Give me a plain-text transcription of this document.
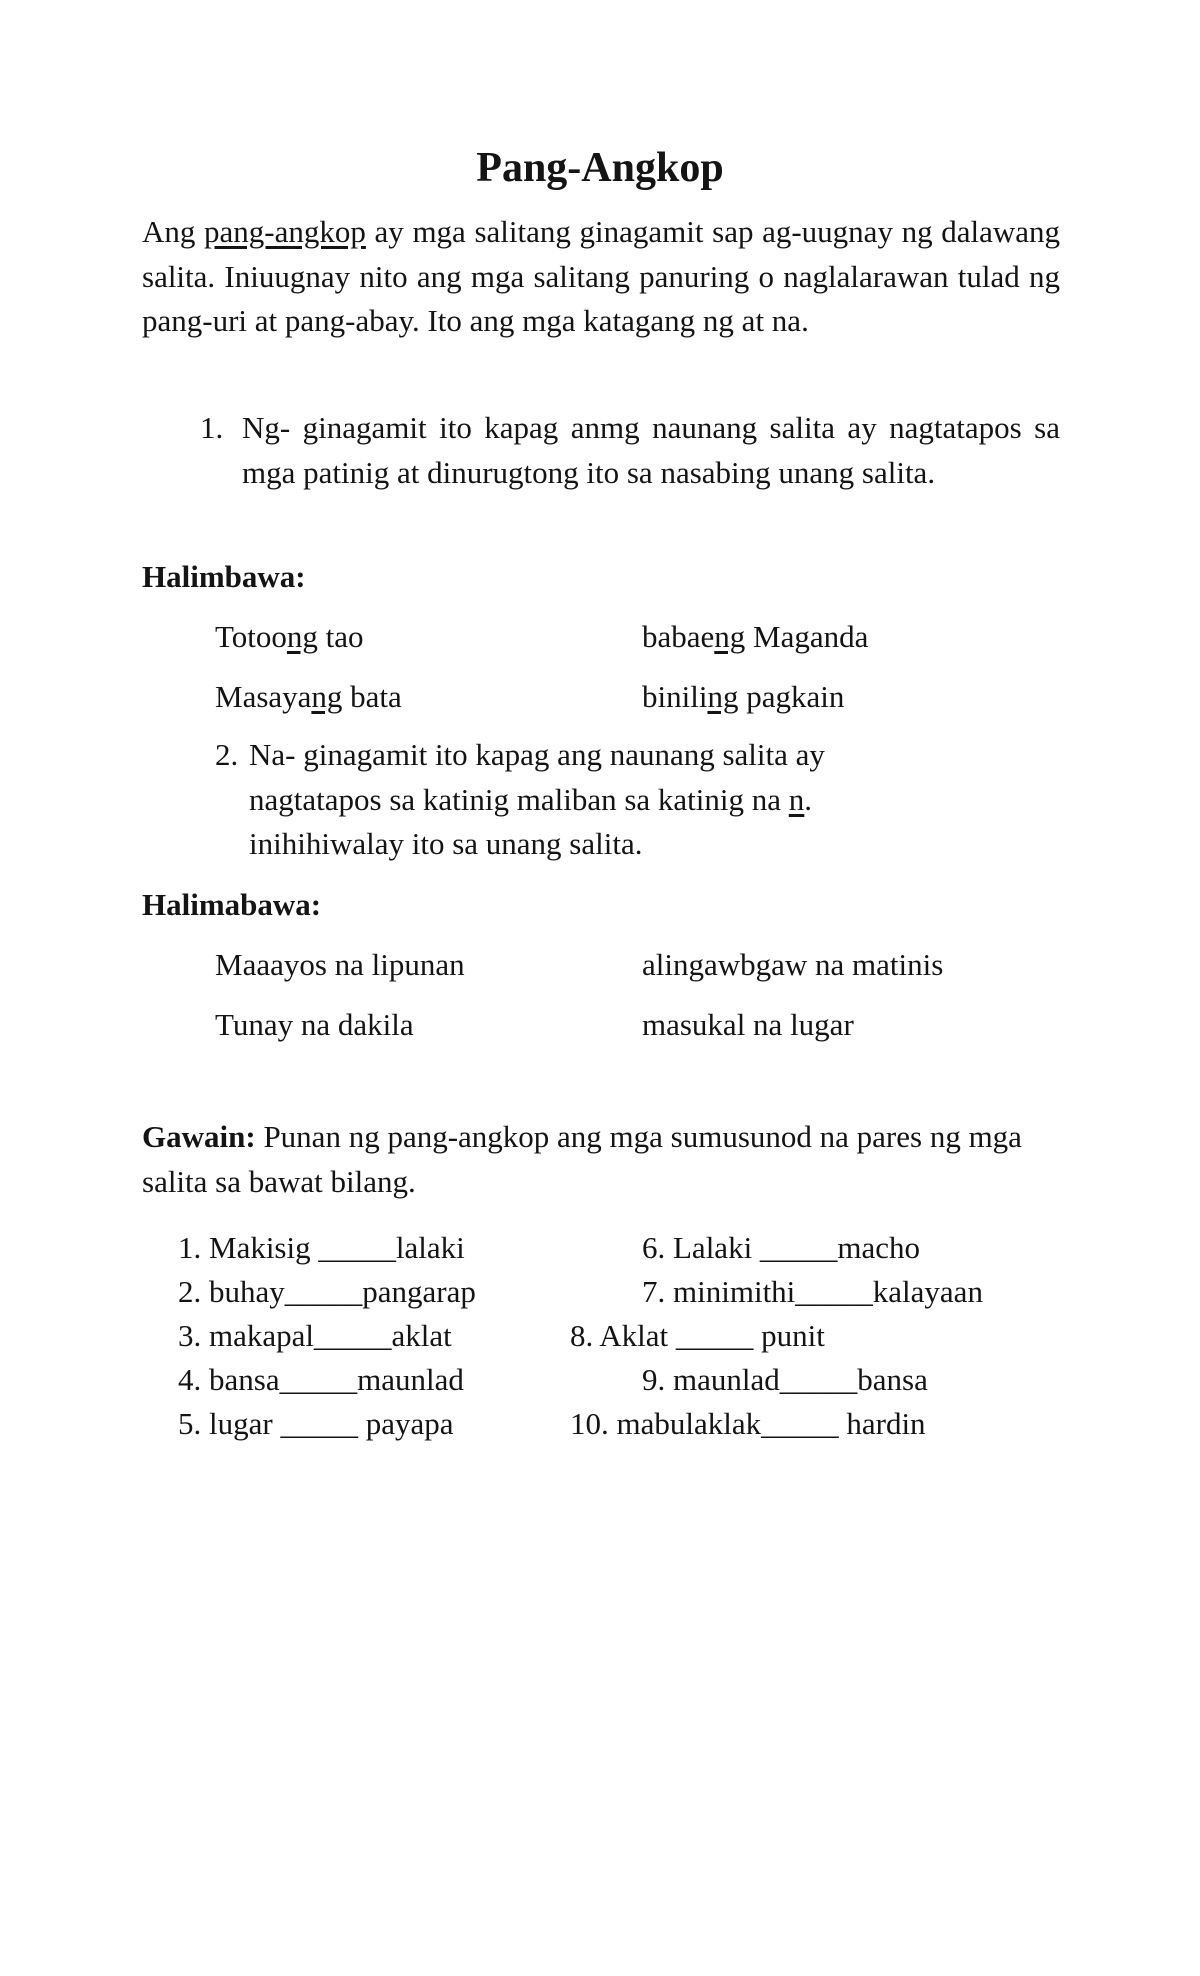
Pang-Angkop

Ang pang-angkop ay mga salitang ginagamit sap ag-uugnay ng dalawang salita. Iniuugnay nito ang mga salitang panuring o naglalarawan tulad ng pang-uri at pang-abay. Ito ang mga katagang ng at na.

1. Ng- ginagamit ito kapag anmg naunang salita ay nagtatapos sa mga patinig at dinurugtong ito sa nasabing unang salita.

Halimbawa:

Totoong tao	babaeng Maganda

Masayang bata	biniling pagkain

2. Na- ginagamit ito kapag ang naunang salita ay
nagtatapos sa katinig maliban sa katinig na n.
inihihiwalay ito sa unang salita.

Halimabawa:

Maaayos na lipunan	alingawbgaw na matinis

Tunay na dakila	masukal na lugar

Gawain: Punan ng pang-angkop ang mga sumusunod na pares ng mga salita sa bawat bilang.

1. Makisig _____lalaki

2. buhay_____pangarap

3. makapal_____aklat

4. bansa_____maunlad

5. lugar _____ payapa

6. Lalaki _____macho

7. minimithi_____kalayaan

8. Aklat _____ punit

9. maunlad_____bansa

10. mabulaklak_____ hardin
